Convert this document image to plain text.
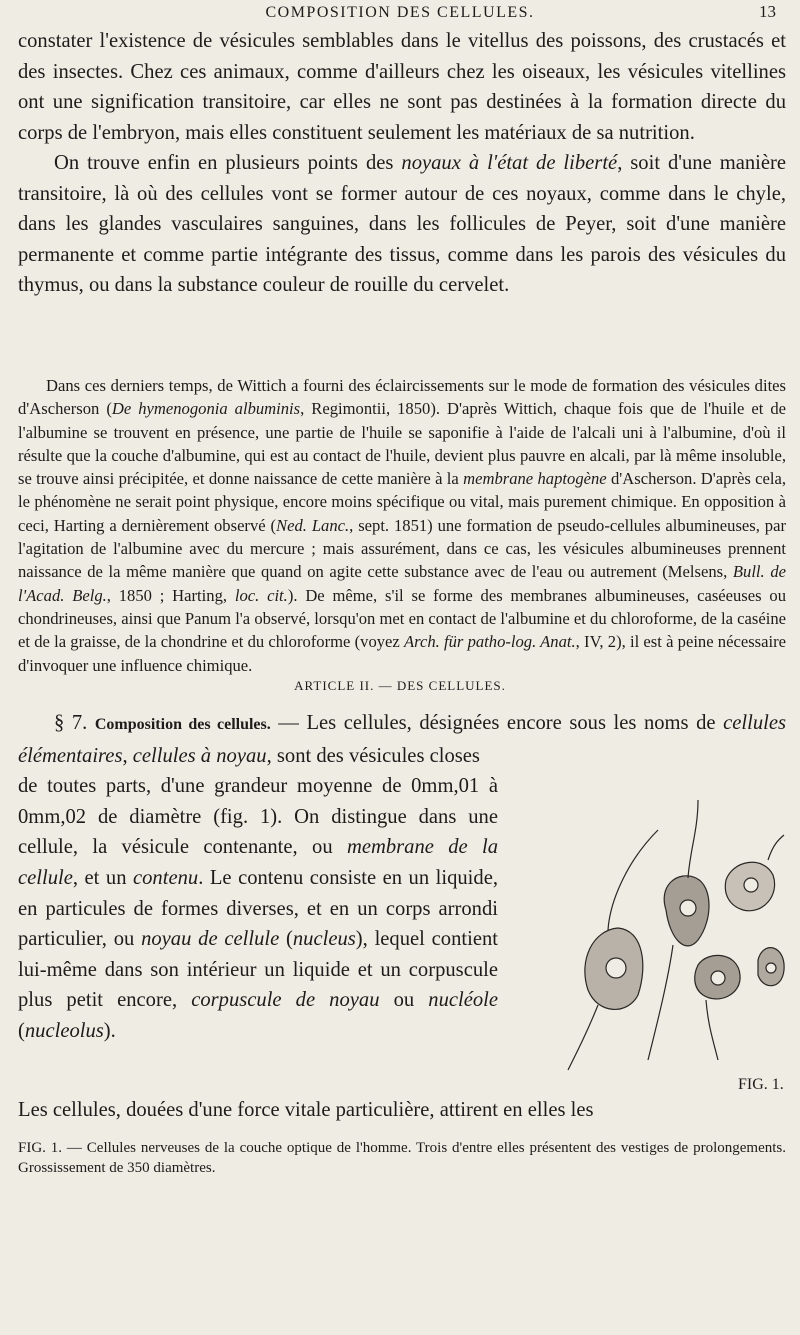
COMPOSITION DES CELLULES.	13

constater l'existence de vésicules semblables dans le vitellus des poissons, des crustacés et des insectes. Chez ces animaux, comme d'ailleurs chez les oiseaux, les vésicules vitellines ont une signification transitoire, car elles ne sont pas destinées à la formation directe du corps de l'embryon, mais elles constituent seulement les matériaux de sa nutrition.

On trouve enfin en plusieurs points des noyaux à l'état de liberté, soit d'une manière transitoire, là où des cellules vont se former autour de ces noyaux, comme dans le chyle, dans les glandes vasculaires sanguines, dans les follicules de Peyer, soit d'une manière permanente et comme partie intégrante des tissus, comme dans les parois des vésicules du thymus, ou dans la substance couleur de rouille du cervelet.

Dans ces derniers temps, de Wittich a fourni des éclaircissements sur le mode de formation des vésicules dites d'Ascherson (De hymenogonia albuminis, Regimontii, 1850). D'après Wittich, chaque fois que de l'huile et de l'albumine se trouvent en présence, une partie de l'huile se saponifie à l'aide de l'alcali uni à l'albumine, d'où il résulte que la couche d'albumine, qui est au contact de l'huile, devient plus pauvre en alcali, par là même insoluble, se trouve ainsi précipitée, et donne naissance de cette manière à la membrane haptogène d'Ascherson. D'après cela, le phénomène ne serait point physique, encore moins spécifique ou vital, mais purement chimique. En opposition à ceci, Harting a dernièrement observé (Ned. Lanc., sept. 1851) une formation de pseudo-cellules albumineuses, par l'agitation de l'albumine avec du mercure ; mais assurément, dans ce cas, les vésicules albumineuses prennent naissance de la même manière que quand on agite cette substance avec de l'eau ou autrement (Melsens, Bull. de l'Acad. Belg., 1850 ; Harting, loc. cit.). De même, s'il se forme des membranes albumineuses, caséeuses ou chondrineuses, ainsi que Panum l'a observé, lorsqu'on met en contact de l'albumine et du chloroforme, de la caséine et de la graisse, de la chondrine et du chloroforme (voyez Arch. für patho-log. Anat., IV, 2), il est à peine nécessaire d'invoquer une influence chimique.

ARTICLE II. — DES CELLULES.

§ 7. Composition des cellules. — Les cellules, désignées encore sous les noms de cellules élémentaires, cellules à noyau, sont des vésicules closes

de toutes parts, d'une grandeur moyenne de 0mm,01 à 0mm,02 de diamètre (fig. 1). On distingue dans une cellule, la vésicule contenante, ou membrane de la cellule, et un contenu. Le contenu consiste en un liquide, en particules de formes diverses, et en un corps arrondi particulier, ou noyau de cellule (nucleus), lequel contient lui-même dans son intérieur un liquide et un corpuscule plus petit encore, corpuscule de noyau ou nucléole (nucleolus).

FIG. 1.
Les cellules, douées d'une force vitale particulière, attirent en elles les
FIG. 1. — Cellules nerveuses de la couche optique de l'homme. Trois d'entre elles présentent des vestiges de prolongements. Grossissement de 350 diamètres.
